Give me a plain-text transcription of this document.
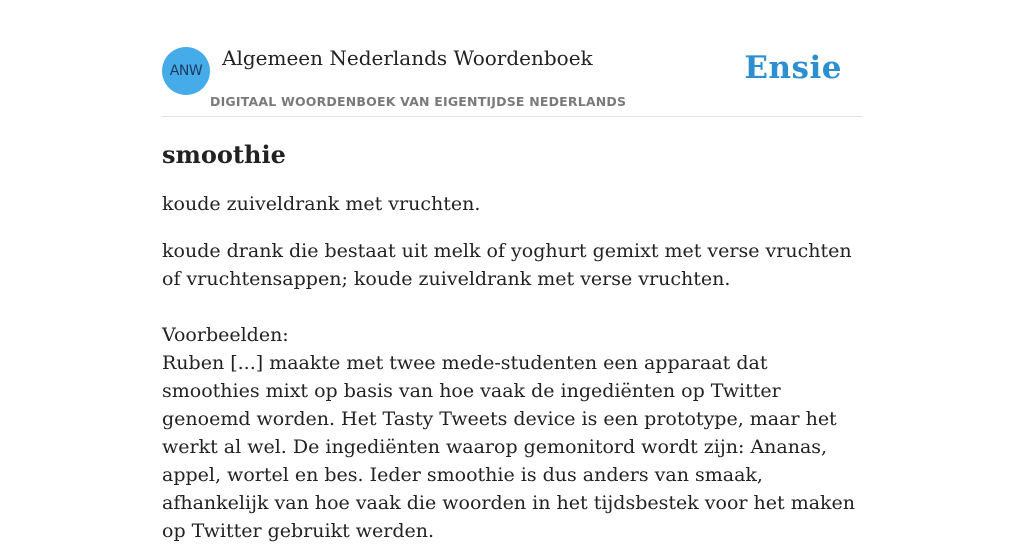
ANW
Algemeen Nederlands Woordenboek
DIGITAAL WOORDENBOEK VAN EIGENTIJDSE NEDERLANDS
Ensie
smoothie

koude zuiveldrank met vruchten.

koude drank die bestaat uit melk of yoghurt gemixt met verse vruchten of vruchtensappen; koude zuiveldrank met verse vruchten.
Voorbeelden:
Ruben [...] maakte met twee mede-studenten een apparaat dat smoothies mixt op basis van hoe vaak de ingediënten op Twitter genoemd worden. Het Tasty Tweets device is een prototype, maar het werkt al wel. De ingediënten waarop gemonitord wordt zijn: Ananas, appel, wortel en bes. Ieder smoothie is dus anders van smaak, afhankelijk van hoe vaak die woorden in het tijdsbestek voor het maken op Twitter gebruikt werden.
